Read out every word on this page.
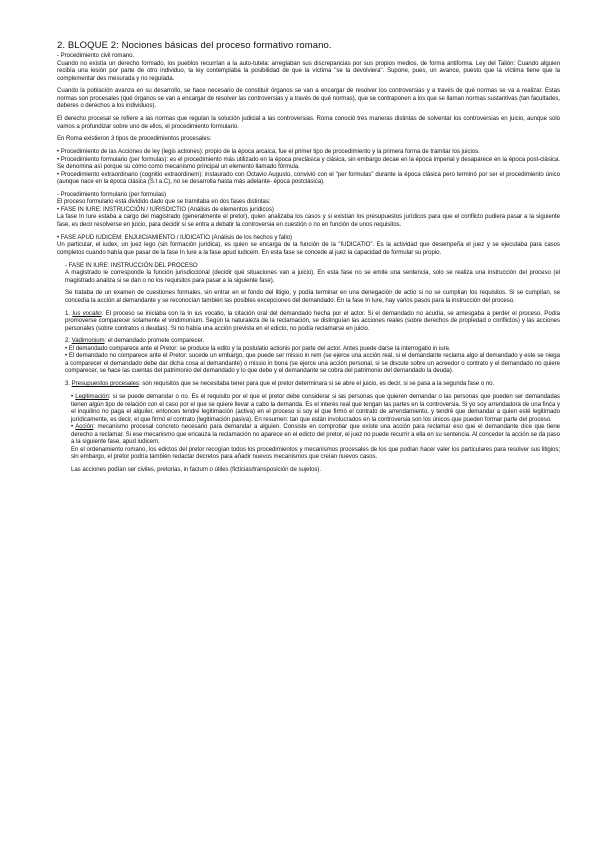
2. BLOQUE 2: Nociones básicas del proceso formativo romano.
- Procedimiento civil romano.
Cuando no existía un derecho formado, los pueblos recurrían a la auto-tutela: arreglaban sus discrepancias por sus propios medios, de forma antiforma. Ley del Talión: Cuando alguien recibía una lesión por parte de otro individuo, la ley contemplaba la posibilidad de que la víctima "se la devolviera". Supone, pues, un avance, puesto que la víctima tiene que la complementar des mesurada y no regulada.
Cuando la población avanza en su desarrollo, se hace necesario de constituir órganos se van a encargar de resolver los controversias y a través de qué normas se va a realizar. Estas normas son procesales (qué órganos se van a encargar de resolver las controversias y a través de qué normas), que se contraponen a los que se llaman normas sustantivas (tan facultades, deberes o derechos a los individuos).
El derecho procesal se refiere a las normas que regulan la solución judicial a las controversias. Roma conoció tres maneras distintas de solventar los controversias en juicio, aunque solo vamos a profundizar sobre uno de ellos, el procedimiento formulario.
En Roma existieron 3 tipos de procedimientos procesales:
• Procedimiento de las Acciones de ley (legis actiones): propio de la época arcaica, fue el primer tipo de procedimiento y la primera forma de tramitar los juicios.
• Procedimiento formulario (per formulas): es el procedimiento más utilizado en la época preclásica y clásica, sin embargo decae en la época imperial y desaparece en la época post-clásica. Se denomina así porque su cómo como mecanismo principal un elemento llamado fórmula.
• Procedimiento extraordinario (cognitio extraordinem): instaurado con Octavio Augusto, convivió con el "per formulas" durante la época clásica pero terminó por ser el procedimiento único (aunque nace en la época clásica (S.I a.C), no se desarrolla hasta más adelante- época postclásica).
- Procedimiento formulario (per formulas)
El proceso formulario está dividido dado que se tramitaba en dos fases distintas:
• FASE IN IURE: INSTRUCCIÓN / IURISDICTIO (Análisis de elementos jurídicos)
La fase In Iure estaba a cargo del magistrado (generalmente el pretor), quien analizaba los casos y si existían los presupuestos jurídicos para que el conflicto pudiera pasar a la siguiente fase, es decir resolverse en juicio, para decidir si se entra a debatir la controversia en cuestión o no en función de unos requisitos.
• FASE APUD IUDICEM: ENJUICIAMIENTO / IUDICATIO (Análisis de los hechos y fallo)
Un particular, el iudex, un juez lego (sin formación jurídica), es quien se encarga de la función de la "IUDICATIO". Es la actividad que desempeña el juez y se ejecutaba para casos completos cuando había que pasar de la fase In Iure a la fase apud iudicem. En esta fase se concede al juez la capacidad de formular su propio.
- FASE IN IURE: INSTRUCCIÓN DEL PROCESO
A magistrado le corresponde la función jurisdiccional (decidir qué situaciones van a juicio). En esta fase no se emite una sentencia, solo se realiza una instrucción del proceso (el magistrado analiza si se dan o no los requisitos para pasar a la siguiente fase).
Se trataba de un examen de cuestiones formales, sin entrar en el fondo del litigio, y podía terminar en una denegación de actio si no se cumplían los requisitos. Si se cumplían, se concedía la acción al demandante y se reconocían también las posibles excepciones del demandado. En la fase In Iure, hay varios pasos para la instrucción del proceso.
1. Ius vocatio: El proceso se iniciaba con la In ius vocatio, la citación oral del demandado hecha por el actor. Si el demandado no acudía, se arriesgaba a perder el proceso. Podía promoverse comparecer solamente el vindimonium. Según la naturaleza de la reclamación, se distinguían las acciones reales (sobre derechos de propiedad o conflictos) y las acciones personales (sobre contratos o deudas). Si no había una acción prevista en el edicto, no podía reclamarse en juicio.
2. Vadimonium: el demandado promete comparecer.
• El demandado comparece ante el Pretor: se produce la edito y la postulatio actionis por parte del actor. Antes puede darse la interrogatio in iure.
• El demandado no comparece ante el Pretor: sucede un embargo, que puede ser missio in rem (se ejerce una acción real, si el demandante reclama algo al demandado y este se niega a comparecer el demandado debe dar dicha cosa al demandante) o missio in bona (se ejerce una acción personal, si se discute sobre un acreedor o contrato y el demandado no quiere comparecer, se hace las cuentas del patrimonio del demandado y lo que debe y el demandante se cobra del patrimonio del demandado la deuda).
3. Presupuestos procesales: son requisitos que se necesitaba tener para que el pretor determinara si se abre el juicio, es decir, si se pasa a la segunda fase o no.
• Legitimación: si se puede demandar o no. Es el requisito por el que el pretor debe considerar si las personas que quieren demandar o las personas que pueden ser demandadas tienen algún tipo de relación con el caso por el que se quiere llevar a cabo la demanda. Es el interés real que tengan las partes en la controversia. Si yo soy arrendadora de una finca y el inquilino no paga el alquiler, entonces tendré legitimación (activa) en el proceso si soy el que firmó el contrato de arrendamiento, y tendré que demandar a quien esté legitimado jurídicamente, es decir, el que firmó el contrato (legitimación pasiva). En resumen: tan que están involucrados en la controversia son los únicos que pueden formar parte del proceso.
• Acción: mecanismo procesal concreto necesario para demandar a alguien. Consiste en comprobar que existe una acción para reclamar eso que el demandante dice que tiene derecho a reclamar. Si ese mecanismo que encauza la reclamación no aparece en el edicto del pretor, el juez no puede recurrir a ella en su sentencia. Al conceder la acción se da paso a la siguiente fase, apud iudicem.
En el ordenamiento romano, los edictos del pretor recogían todos los procedimientos y mecanismos procesales de los que podían hacer valer los particulares para resolver sus litigios; sin embargo, el pretor podría también redactar decretos para añadir nuevos mecanismos que creían nuevos casos.
Las acciones podían ser civiles, pretorias, in factum o útiles (ficticias/transposición de sujetos).
